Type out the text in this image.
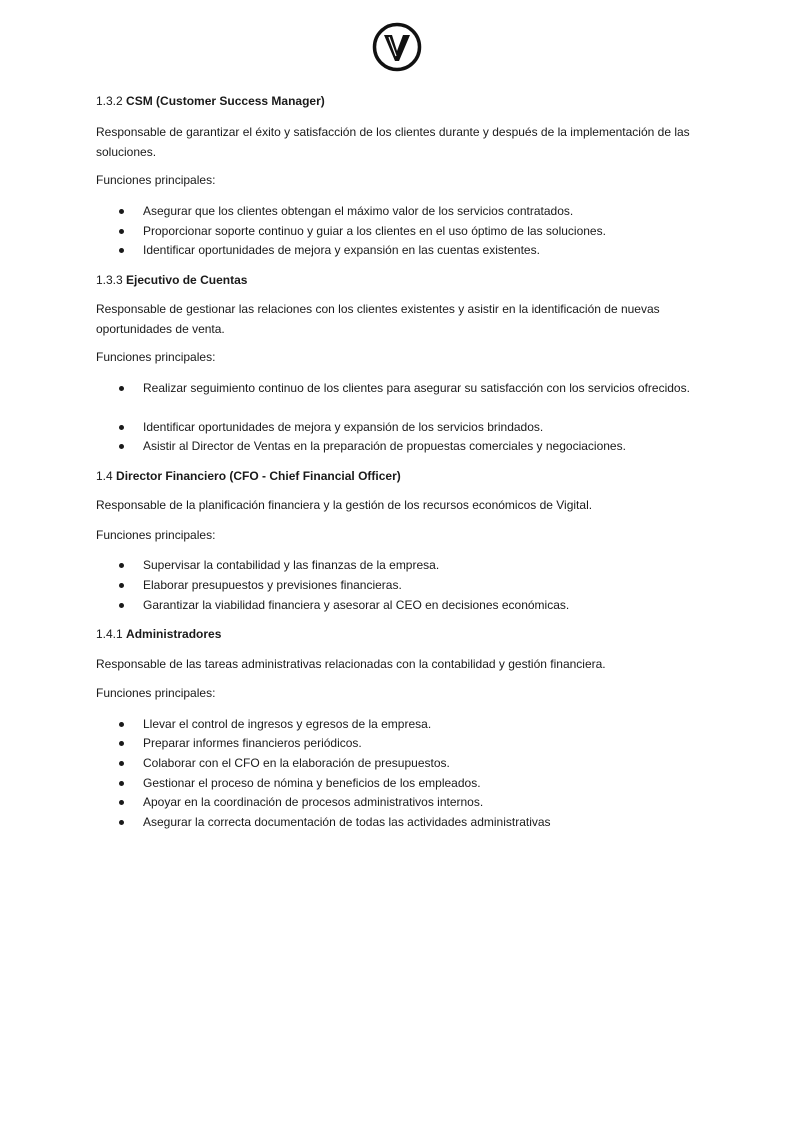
1.3.2 CSM (Customer Success Manager)
Responsable de garantizar el éxito y satisfacción de los clientes durante y después de la implementación de las soluciones.
Funciones principales:
Asegurar que los clientes obtengan el máximo valor de los servicios contratados.
Proporcionar soporte continuo y guiar a los clientes en el uso óptimo de las soluciones.
Identificar oportunidades de mejora y expansión en las cuentas existentes.
1.3.3 Ejecutivo de Cuentas
Responsable de gestionar las relaciones con los clientes existentes y asistir en la identificación de nuevas oportunidades de venta.
Funciones principales:
Realizar seguimiento continuo de los clientes para asegurar su satisfacción con los servicios ofrecidos.
Identificar oportunidades de mejora y expansión de los servicios brindados.
Asistir al Director de Ventas en la preparación de propuestas comerciales y negociaciones.
1.4 Director Financiero (CFO - Chief Financial Officer)
Responsable de la planificación financiera y la gestión de los recursos económicos de Vigital.
Funciones principales:
Supervisar la contabilidad y las finanzas de la empresa.
Elaborar presupuestos y previsiones financieras.
Garantizar la viabilidad financiera y asesorar al CEO en decisiones económicas.
1.4.1 Administradores
Responsable de las tareas administrativas relacionadas con la contabilidad y gestión financiera.
Funciones principales:
Llevar el control de ingresos y egresos de la empresa.
Preparar informes financieros periódicos.
Colaborar con el CFO en la elaboración de presupuestos.
Gestionar el proceso de nómina y beneficios de los empleados.
Apoyar en la coordinación de procesos administrativos internos.
Asegurar la correcta documentación de todas las actividades administrativas
